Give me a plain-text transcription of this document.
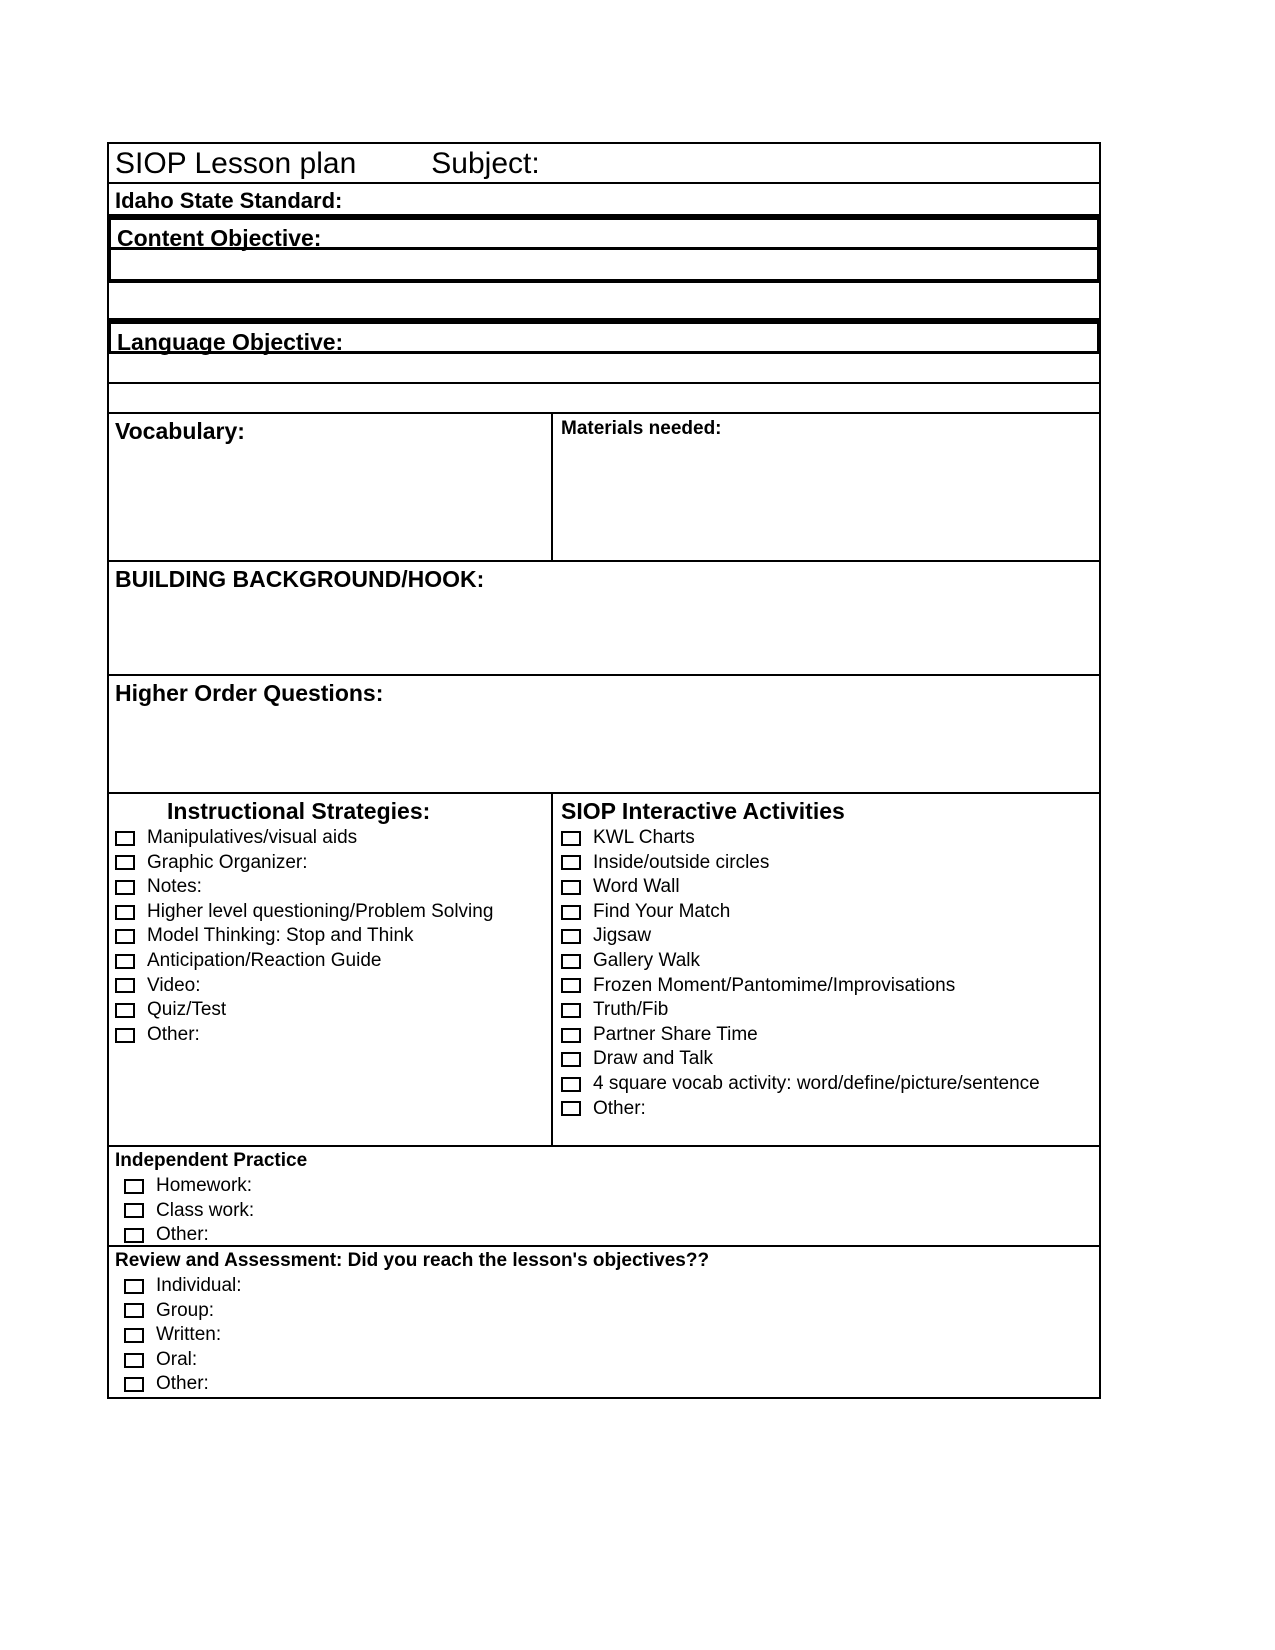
SIOP Lesson plan	Subject:
Idaho State Standard:
Content Objective:
Language Objective:
Vocabulary:	Materials needed:
BUILDING BACKGROUND/HOOK:
Higher Order Questions:
Instructional Strategies:
Manipulatives/visual aids
Graphic Organizer:
Notes:
Higher level questioning/Problem Solving
Model Thinking: Stop and Think
Anticipation/Reaction Guide
Video:
Quiz/Test
Other:
SIOP Interactive Activities
KWL Charts
Inside/outside circles
Word Wall
Find Your Match
Jigsaw
Gallery Walk
Frozen Moment/Pantomime/Improvisations
Truth/Fib
Partner Share Time
Draw and Talk
4 square vocab activity: word/define/picture/sentence
Other:
Independent Practice
Homework:
Class work:
Other:
Review and Assessment: Did you reach the lesson's objectives??
Individual:
Group:
Written:
Oral:
Other:
